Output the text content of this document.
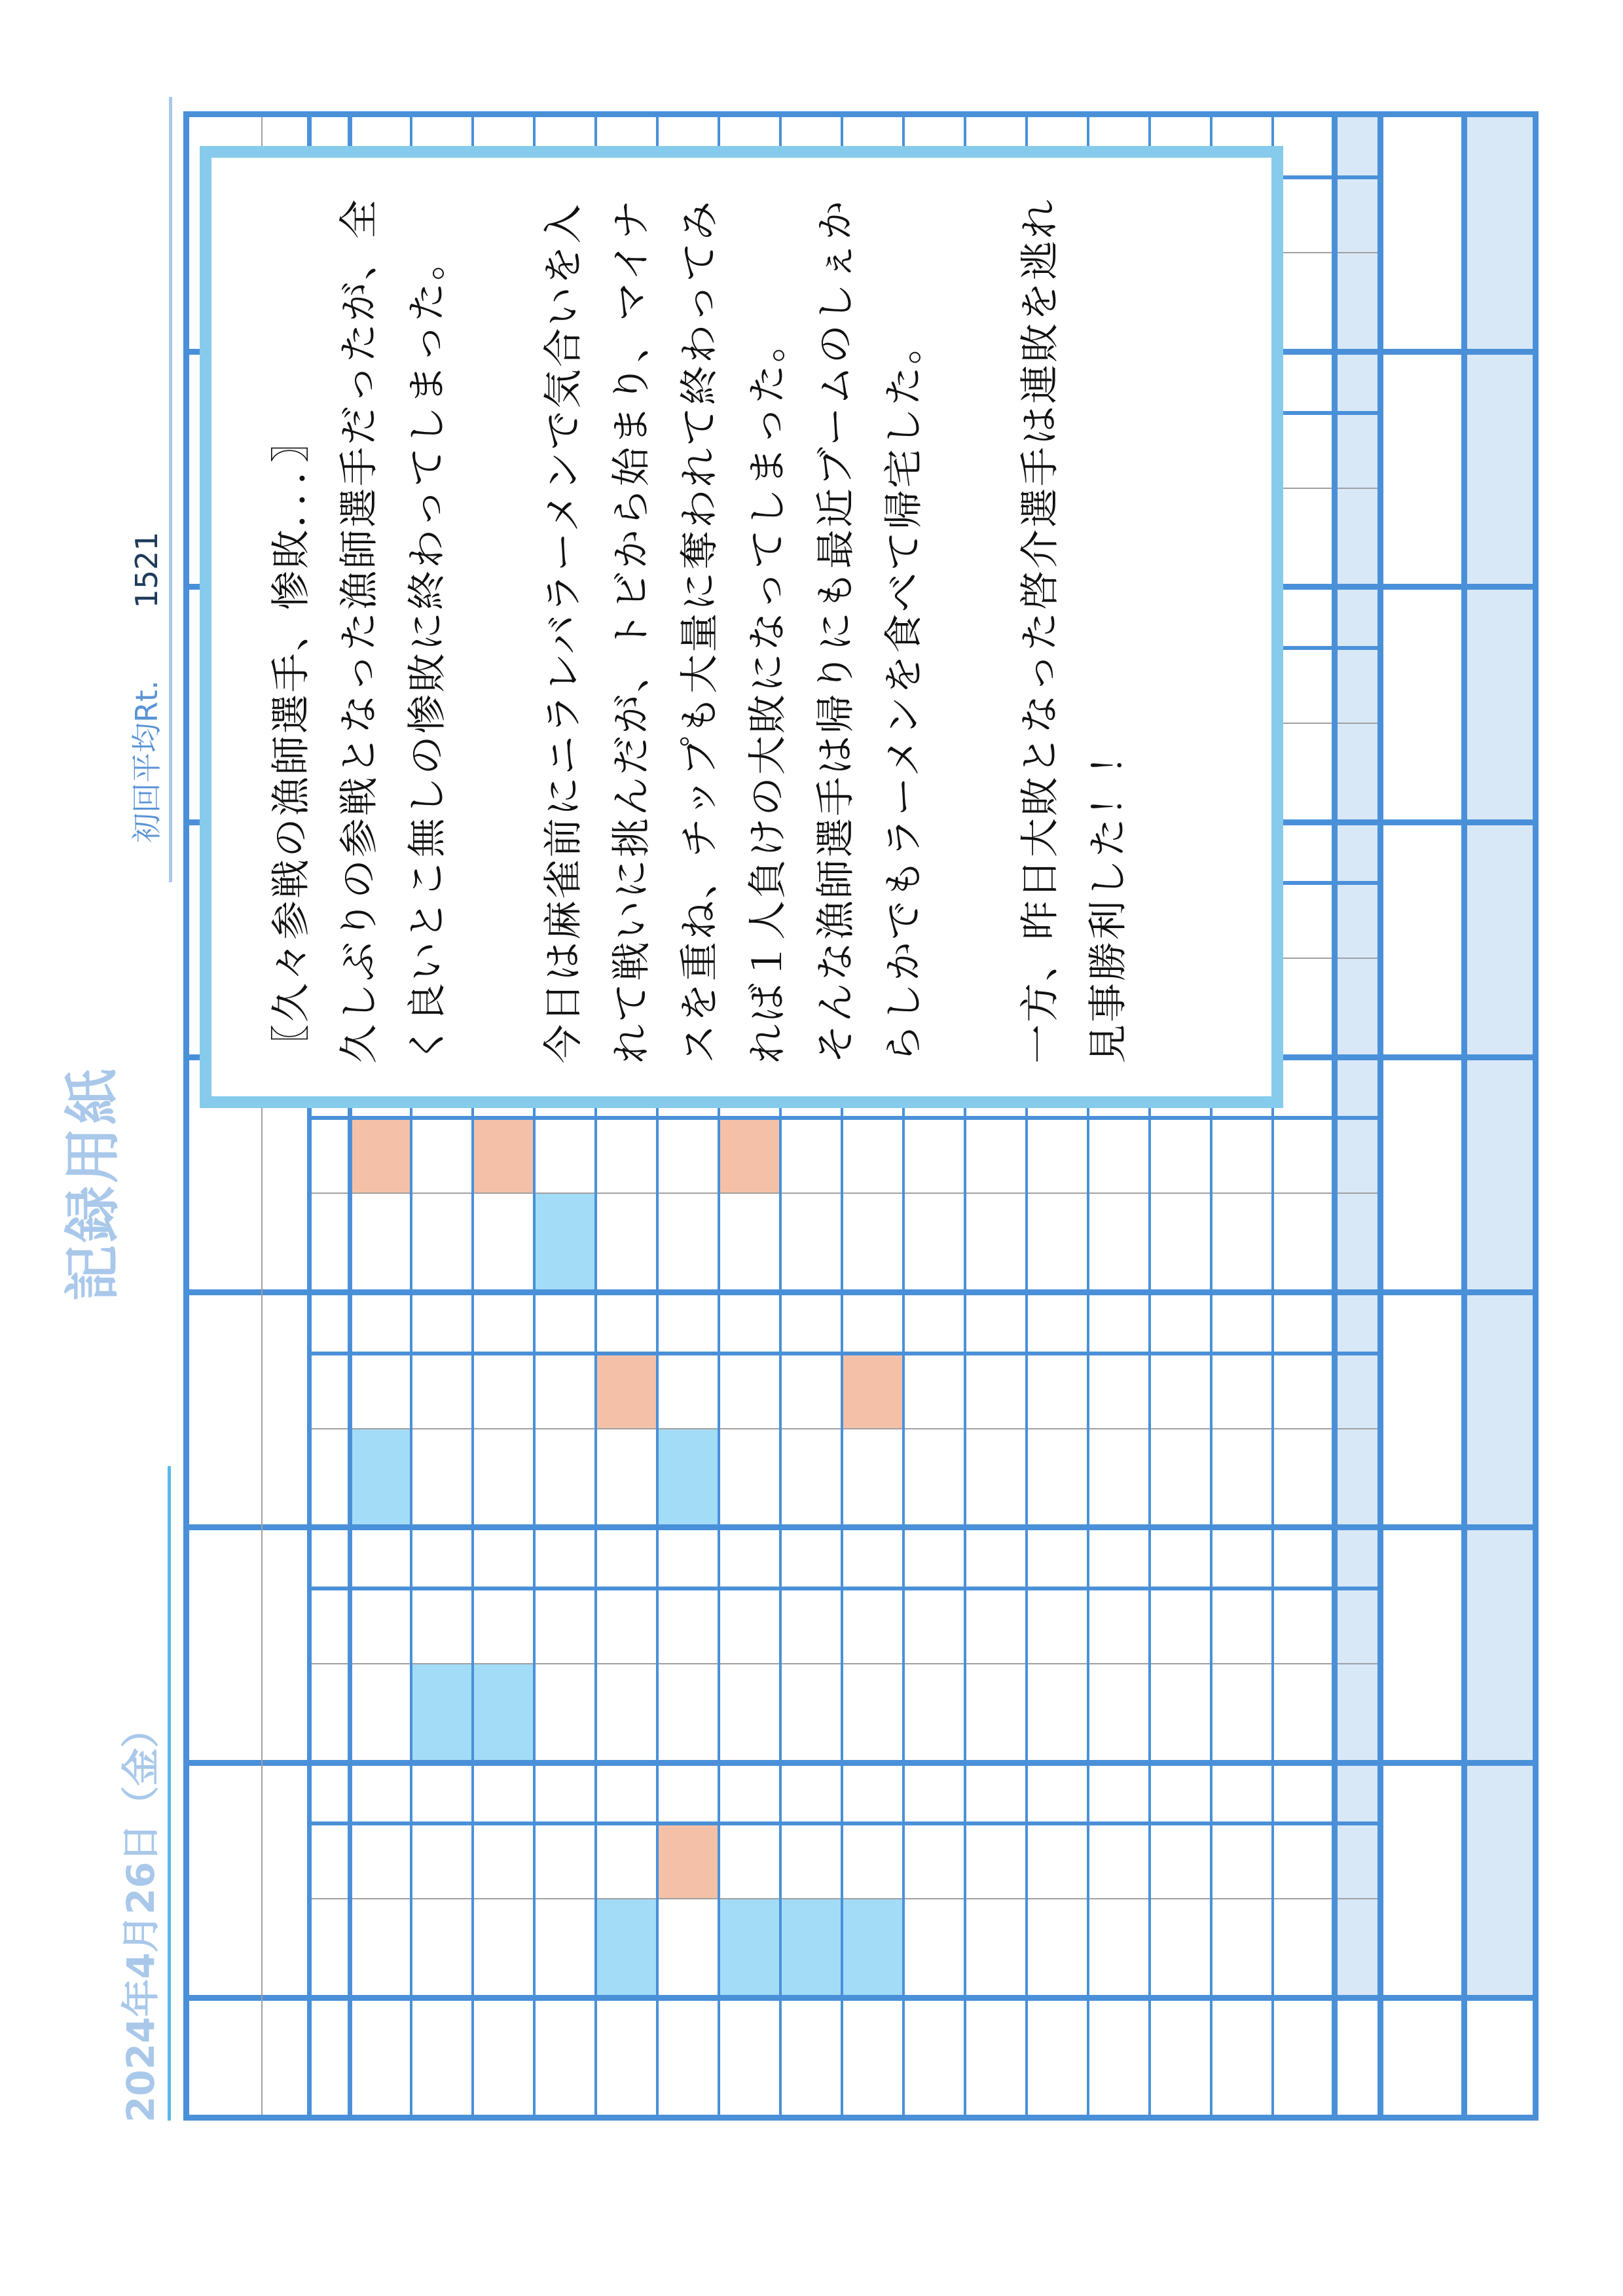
記録用紙
2024年4月26日（金）
初回平均Rt.1521	〖久々参戦の漁師選手、惨敗．．．〗 久しぶりの参戦となった漁師選手だったが、全 く良いとこ無しの惨敗に終わってしまった。 今日は麻雀前にニラレバラーメンで気合いを入 れて戦いに挑んだが、トビから始まり、マイナ スを重ね、チップも大量に奪われて終わってみ れば１人負けの大敗になってしまった。 そんな漁師選手は帰りにも最近ブームのしぇか らしかでもラーメンを食べて帰宅した。 一方、昨日大敗となった啓介選手は連敗を逃れ 見事勝利した！！
